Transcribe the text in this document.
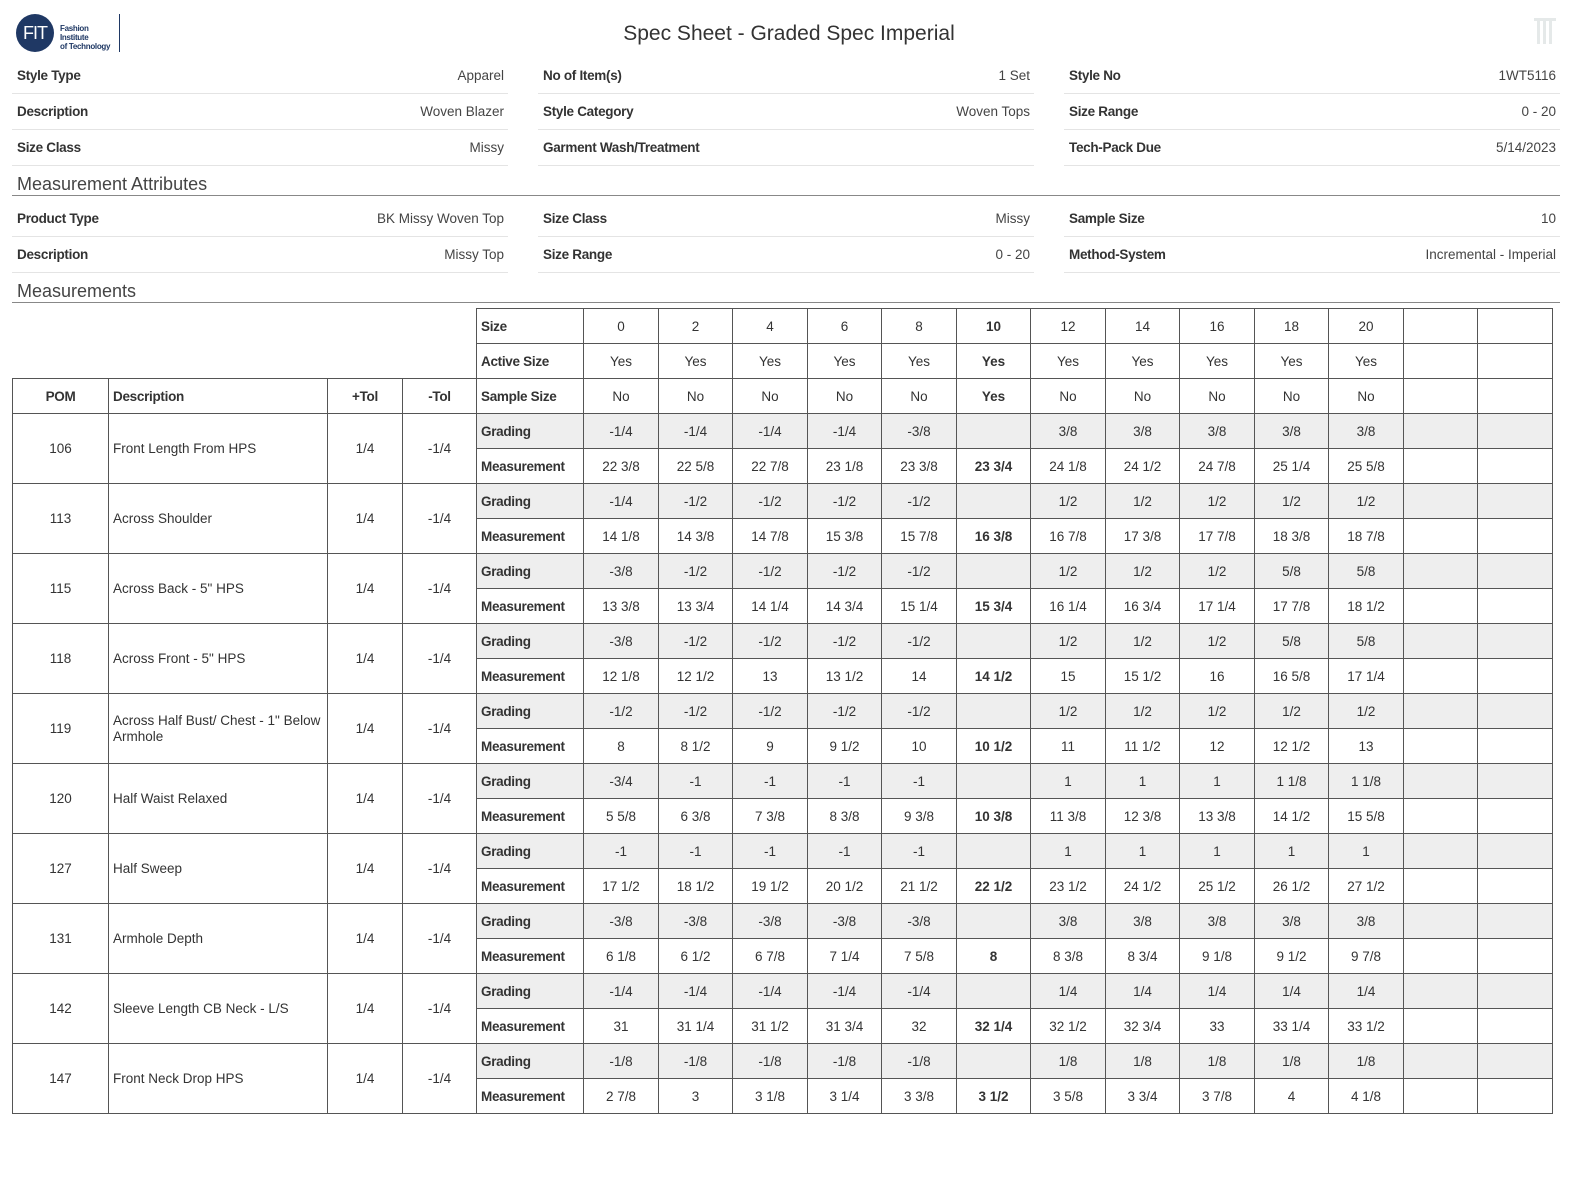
FIT	Fashion Institute
of Technology
Spec Sheet - Graded Spec Imperial
Style Type	Apparel	No of Item(s)	1 Set	Style No	1WT5116
Description	Woven Blazer	Style Category	Woven Tops	Size Range	0 - 20
Size Class	Missy	Garment Wash/Treatment	Tech-Pack Due	5/14/2023
Measurement Attributes
Product Type	BK Missy Woven Top	Size Class	Missy	Sample Size	10
Description	Missy Top	Size Range	0 - 20	Method-System	Incremental - Imperial
Measurements
				Size	0	2	4	6	8	10	12	14	16	18	20		
				Active Size	Yes	Yes	Yes	Yes	Yes	Yes	Yes	Yes	Yes	Yes	Yes		
POM	Description	+Tol	-Tol	Sample Size	No	No	No	No	No	Yes	No	No	No	No	No		
106	Front Length From HPS	1/4	-1/4	Grading	-1/4	-1/4	-1/4	-1/4	-3/8		3/8	3/8	3/8	3/8	3/8		
				Measurement	22 3/8	22 5/8	22 7/8	23 1/8	23 3/8	23 3/4	24 1/8	24 1/2	24 7/8	25 1/4	25 5/8		
113	Across Shoulder	1/4	-1/4	Grading	-1/4	-1/2	-1/2	-1/2	-1/2		1/2	1/2	1/2	1/2	1/2		
				Measurement	14 1/8	14 3/8	14 7/8	15 3/8	15 7/8	16 3/8	16 7/8	17 3/8	17 7/8	18 3/8	18 7/8		
115	Across Back - 5" HPS	1/4	-1/4	Grading	-3/8	-1/2	-1/2	-1/2	-1/2		1/2	1/2	1/2	5/8	5/8		
				Measurement	13 3/8	13 3/4	14 1/4	14 3/4	15 1/4	15 3/4	16 1/4	16 3/4	17 1/4	17 7/8	18 1/2		
118	Across Front - 5" HPS	1/4	-1/4	Grading	-3/8	-1/2	-1/2	-1/2	-1/2		1/2	1/2	1/2	5/8	5/8		
				Measurement	12 1/8	12 1/2	13	13 1/2	14	14 1/2	15	15 1/2	16	16 5/8	17 1/4		
119	Across Half Bust/ Chest - 1" Below Armhole	1/4	-1/4	Grading	-1/2	-1/2	-1/2	-1/2	-1/2		1/2	1/2	1/2	1/2	1/2		
				Measurement	8	8 1/2	9	9 1/2	10	10 1/2	11	11 1/2	12	12 1/2	13		
120	Half Waist Relaxed	1/4	-1/4	Grading	-3/4	-1	-1	-1	-1		1	1	1	1 1/8	1 1/8		
				Measurement	5 5/8	6 3/8	7 3/8	8 3/8	9 3/8	10 3/8	11 3/8	12 3/8	13 3/8	14 1/2	15 5/8		
127	Half Sweep	1/4	-1/4	Grading	-1	-1	-1	-1	-1		1	1	1	1	1		
				Measurement	17 1/2	18 1/2	19 1/2	20 1/2	21 1/2	22 1/2	23 1/2	24 1/2	25 1/2	26 1/2	27 1/2		
131	Armhole Depth	1/4	-1/4	Grading	-3/8	-3/8	-3/8	-3/8	-3/8		3/8	3/8	3/8	3/8	3/8		
				Measurement	6 1/8	6 1/2	6 7/8	7 1/4	7 5/8	8	8 3/8	8 3/4	9 1/8	9 1/2	9 7/8		
142	Sleeve Length CB Neck - L/S	1/4	-1/4	Grading	-1/4	-1/4	-1/4	-1/4	-1/4		1/4	1/4	1/4	1/4	1/4		
				Measurement	31	31 1/4	31 1/2	31 3/4	32	32 1/4	32 1/2	32 3/4	33	33 1/4	33 1/2		
147	Front Neck Drop HPS	1/4	-1/4	Grading	-1/8	-1/8	-1/8	-1/8	-1/8		1/8	1/8	1/8	1/8	1/8		
				Measurement	2 7/8	3	3 1/8	3 1/4	3 3/8	3 1/2	3 5/8	3 3/4	3 7/8	4	4 1/8		
